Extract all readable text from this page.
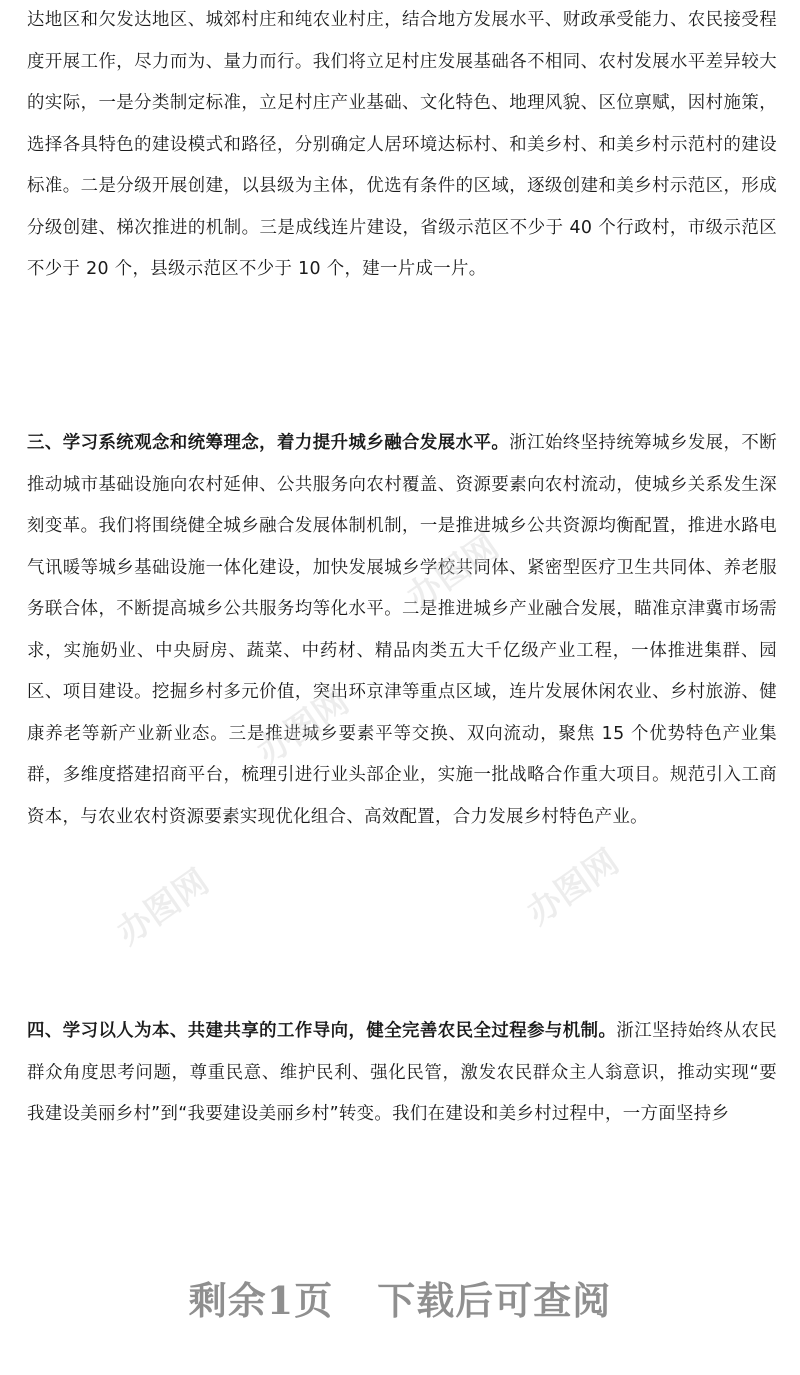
达地区和欠发达地区、城郊村庄和纯农业村庄，结合地方发展水平、财政承受能力、农民接受程度开展工作，尽力而为、量力而行。我们将立足村庄发展基础各不相同、农村发展水平差异较大的实际，一是分类制定标准，立足村庄产业基础、文化特色、地理风貌、区位禀赋，因村施策，选择各具特色的建设模式和路径，分别确定人居环境达标村、和美乡村、和美乡村示范村的建设标准。二是分级开展创建，以县级为主体，优选有条件的区域，逐级创建和美乡村示范区，形成分级创建、梯次推进的机制。三是成线连片建设，省级示范区不少于 40 个行政村，市级示范区不少于 20 个，县级示范区不少于 10 个，建一片成一片。

三、学习系统观念和统筹理念，着力提升城乡融合发展水平。浙江始终坚持统筹城乡发展，不断推动城市基础设施向农村延伸、公共服务向农村覆盖、资源要素向农村流动，使城乡关系发生深刻变革。我们将围绕健全城乡融合发展体制机制，一是推进城乡公共资源均衡配置，推进水路电气讯暖等城乡基础设施一体化建设，加快发展城乡学校共同体、紧密型医疗卫生共同体、养老服务联合体，不断提高城乡公共服务均等化水平。二是推进城乡产业融合发展，瞄准京津冀市场需求，实施奶业、中央厨房、蔬菜、中药材、精品肉类五大千亿级产业工程，一体推进集群、园区、项目建设。挖掘乡村多元价值，突出环京津等重点区域，连片发展休闲农业、乡村旅游、健康养老等新产业新业态。三是推进城乡要素平等交换、双向流动，聚焦 15 个优势特色产业集群，多维度搭建招商平台，梳理引进行业头部企业，实施一批战略合作重大项目。规范引入工商资本，与农业农村资源要素实现优化组合、高效配置，合力发展乡村特色产业。

四、学习以人为本、共建共享的工作导向，健全完善农民全过程参与机制。浙江坚持始终从农民群众角度思考问题，尊重民意、维护民利、强化民管，激发农民群众主人翁意识，推动实现“要我建设美丽乡村”到“我要建设美丽乡村”转变。我们在建设和美乡村过程中，一方面坚持乡

办图网
办图网
办图网	办图网
剩余1页 下载后可查阅
